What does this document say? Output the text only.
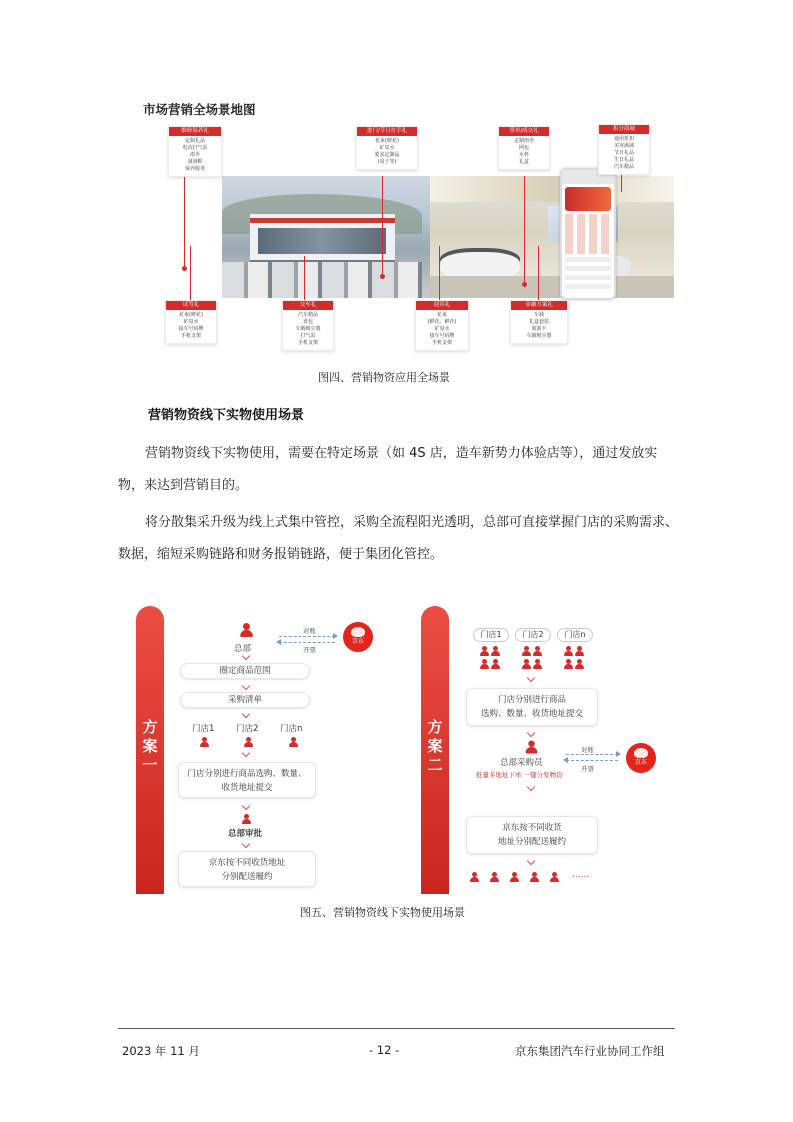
市场营销全场景地图
维修保养礼
定制礼品
电动打气泵
雨伞
洞洞鞋
保养服务
进门/节日存手礼
花束(鲜花)
矿泉水
要求定制品
(周子等)
签单/成交礼
定制雨伞
网包
水杯
礼盒
积分商城
通用折扣
美容满减
节日礼品
生日礼品
汽车精品
试驾礼
花束(鲜花)
矿泉水
接车号码牌
手机支架
交车礼
汽车精品
香包
车载吸尘器
打气泵
手机支架
迎宾礼
花束
(鲜花、鲜花)
矿泉水
接车号码牌
手机支架
金融方案礼
车载
礼盒套装
旅游卡
车载吸尘器
图四、营销物资应用全场景
营销物资线下实物使用场景

营销物资线下实物使用，需要在特定场景（如 4S 店，造车新势力体验店等），通过发放实物，来达到营销目的。

将分散集采升级为线上式集中管控，采购全流程阳光透明，总部可直接掌握门店的采购需求、数据，缩短采购链路和财务报销链路，便于集团化管控。

方
案
一
总部
对账
开票
京东
圈定商品范围
采购清单
门店1	门店2	门店n
门店分别进行商品选购、数量、
收货地址提交
总部审批
京东按不同收货地址
分别配送履约
方
案
二
门店1	门店2	门店n
门店分别进行商品
选购、数量、收货地址提交
总部采购员
批量多地址下单 一键分发物资
对账
开票
京东
京东按不同收货
地址分别配送履约
……
图五、营销物资线下实物使用场景
2023 年 11 月	- 12 -	京东集团汽车行业协同工作组
